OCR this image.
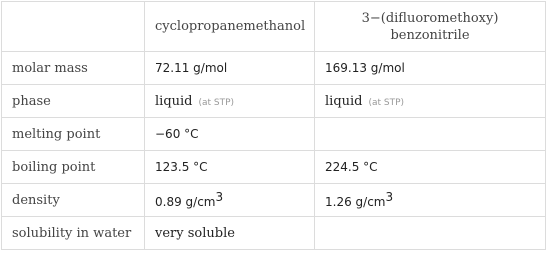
	cyclopropanemethanol	3−(difluoromethoxy)
benzonitrile
molar mass	72.11 g/mol	169.13 g/mol
phase	liquid (at STP)	liquid (at STP)
melting point	−60 °C	
boiling point	123.5 °C	224.5 °C
density	0.89 $g/cm^3$	1.26 $g/cm^3$
solubility in water	very soluble	
